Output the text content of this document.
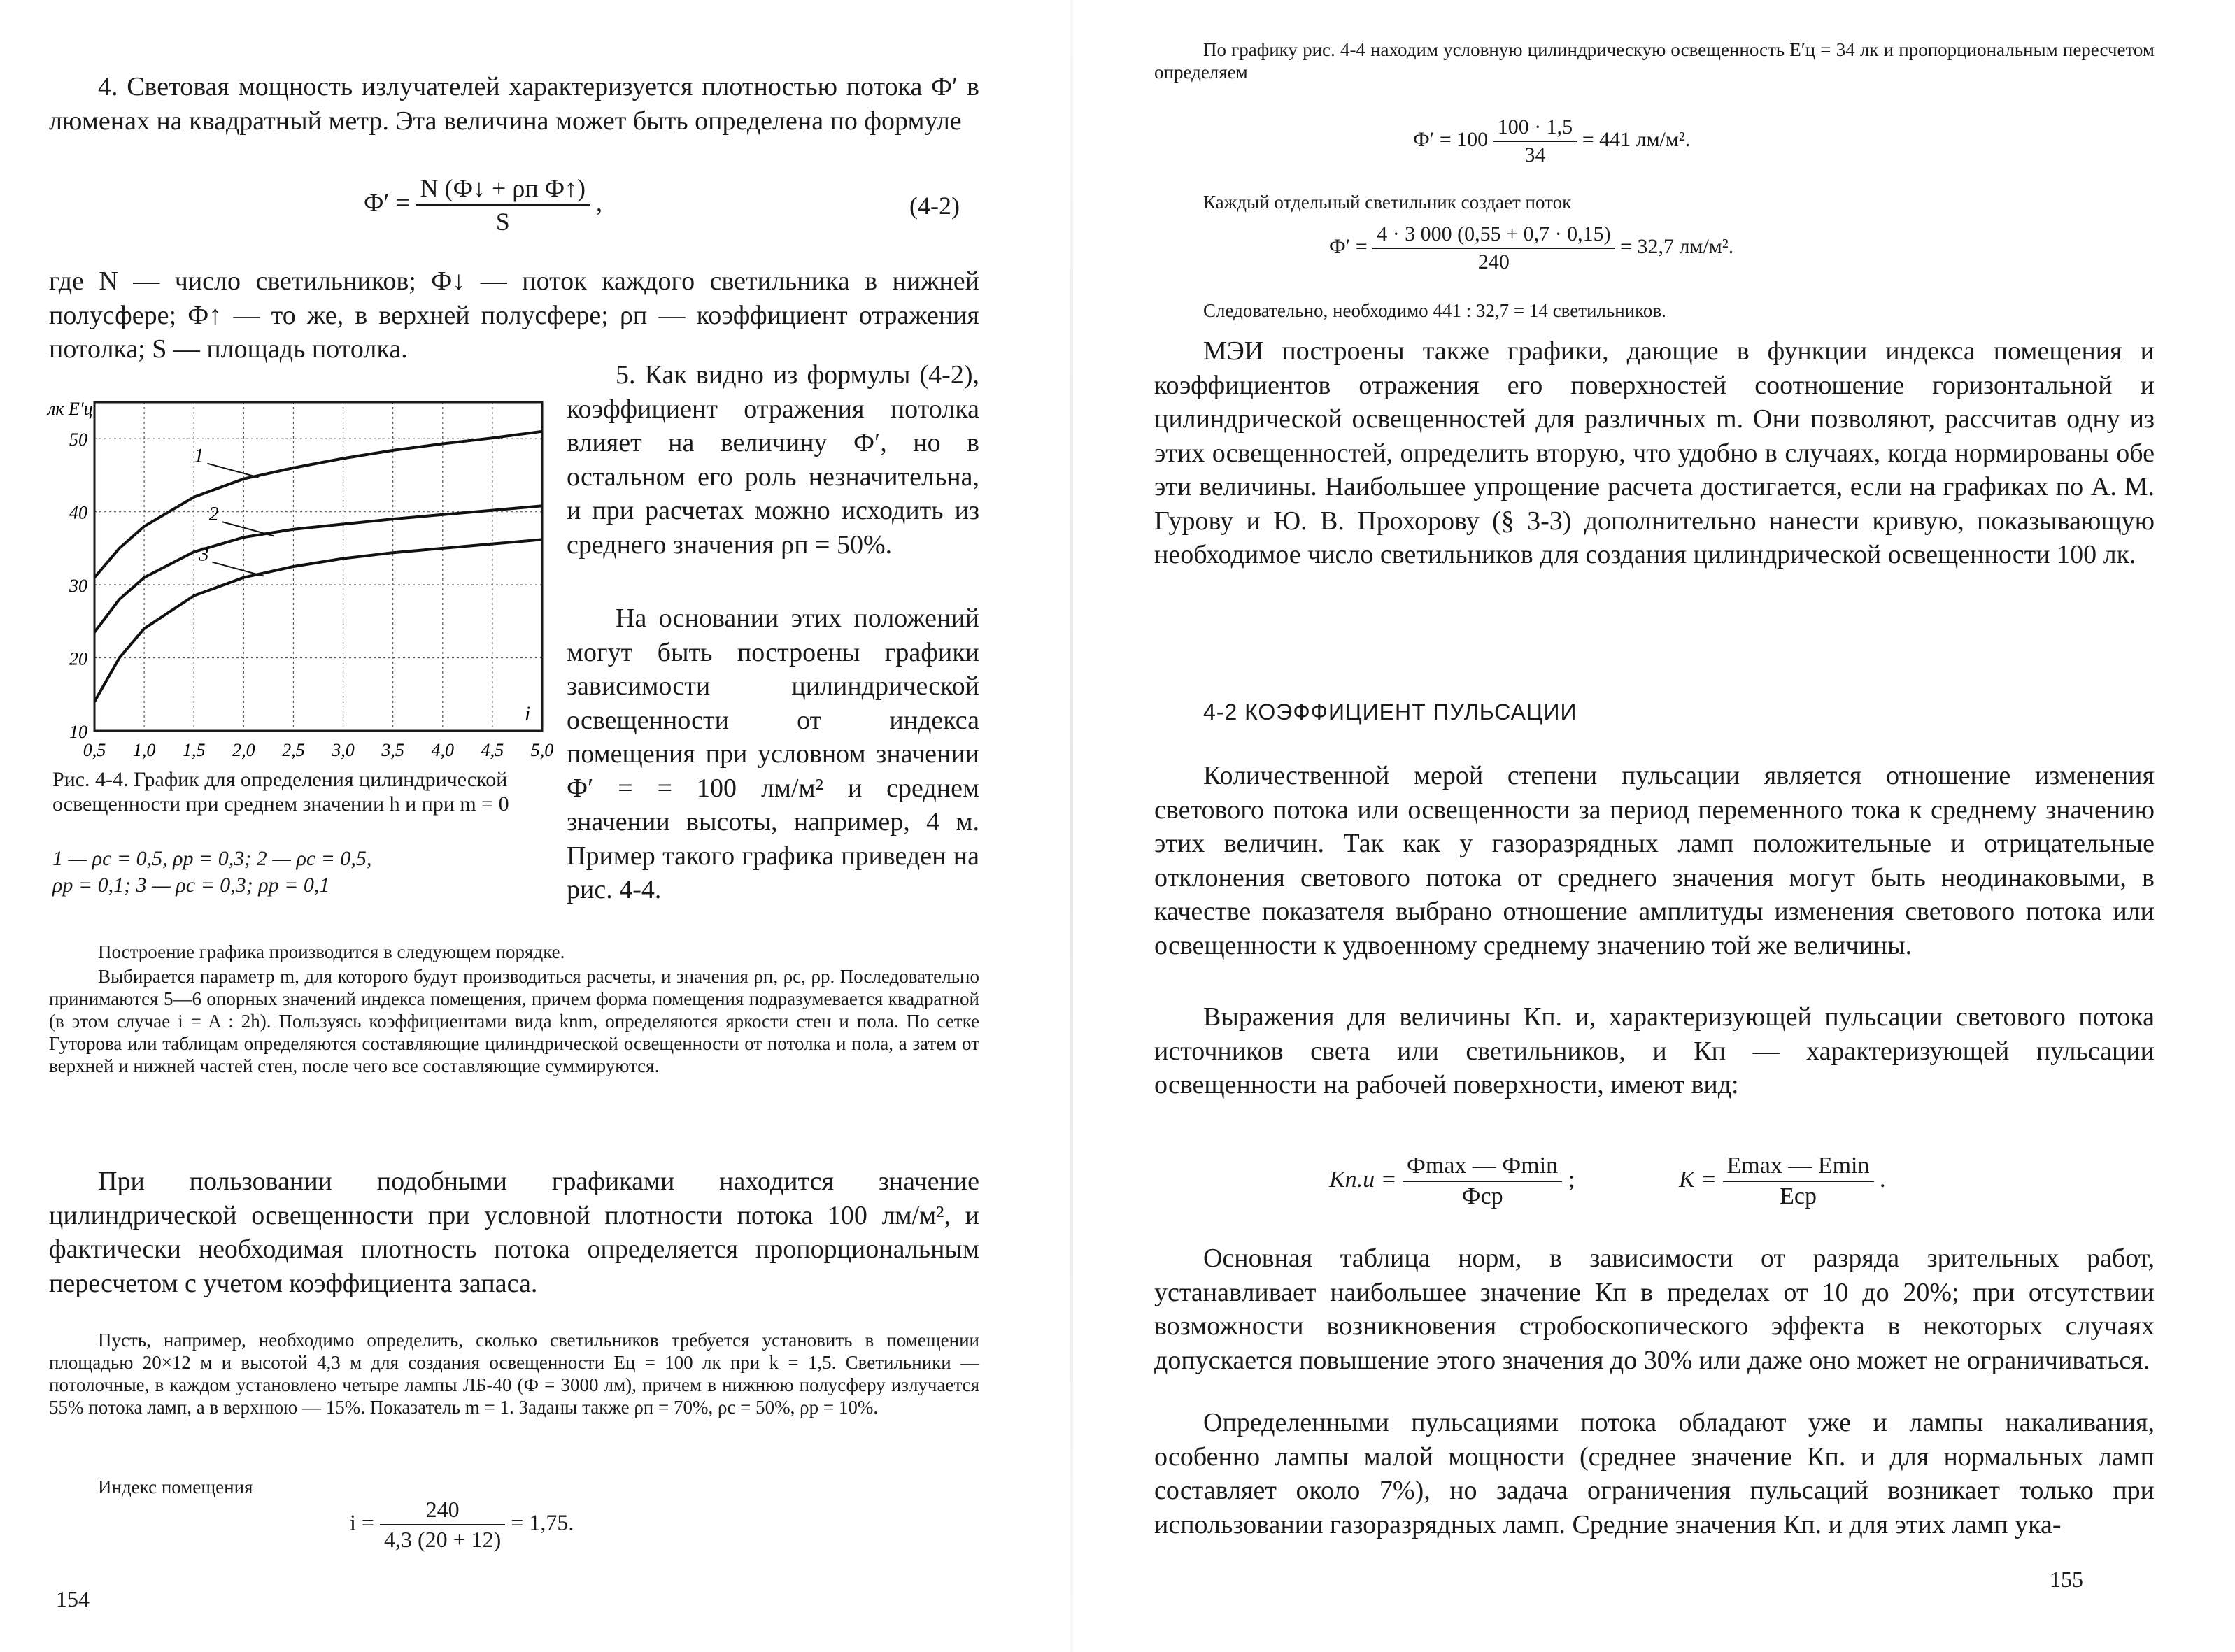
4. Световая мощность излучателей характеризуется плотностью потока Ф′ в люменах на квадратный метр. Эта величина может быть определена по формуле

Ф′ =
N (Ф↓ + ρп Ф↑)
S
,	(4-2)

где N — число светильников; Ф↓ — поток каждого светильника в нижней полусфере; Ф↑ — то же, в верхней полусфере; ρп — коэффициент отражения потолка; S — площадь потолка.

1
2
3
0,5 1,0 1,5 2,0 2,5 3,0 3,5 4,0 4,5 5,0
10
20
30
40
50
лк E′ц
i

5. Как видно из формулы (4-2), коэффициент отражения потолка влияет на величину Ф′, но в остальном его роль незначительна, и при расчетах можно исходить из среднего значения ρп = 50%.

На основании этих положений могут быть построены графики зависимости цилиндрической освещенности от индекса помещения при условном значении Ф′ = = 100 лм/м² и среднем значении высоты, например, 4 м. Пример такого графика приведен на рис. 4-4.

Рис. 4-4. График для определения цилиндрической освещенности при среднем значении h и при m = 0

1 — ρс = 0,5, ρр = 0,3; 2 — ρс = 0,5,

ρр = 0,1; 3 — ρс = 0,3; ρр = 0,1

Построение графика производится в следующем порядке.

Выбирается параметр m, для которого будут производиться расчеты, и значения ρп, ρс, ρр. Последовательно принимаются 5—6 опорных значений индекса помещения, причем форма помещения подразумевается квадратной (в этом случае i = A : 2h). Пользуясь коэффициентами вида knm, определяются яркости стен и пола. По сетке Гуторова или таблицам определяются составляющие цилиндрической освещенности от потолка и пола, а затем от верхней и нижней частей стен, после чего все составляющие суммируются.

При пользовании подобными графиками находится значение цилиндрической освещенности при условной плотности потока 100 лм/м², и фактически необходимая плотность потока определяется пропорциональным пересчетом с учетом коэффициента запаса.

Пусть, например, необходимо определить, сколько светильников требуется установить в помещении площадью 20×12 м и высотой 4,3 м для создания освещенности Ец = 100 лк при k = 1,5. Светильники — потолочные, в каждом установлено четыре лампы ЛБ-40 (Ф = 3000 лм), причем в нижнюю полусферу излучается 55% потока ламп, а в верхнюю — 15%. Показатель m = 1. Заданы также ρп = 70%, ρс = 50%, ρр = 10%.

Индекс помещения

$i = \frac{240}{4,3 (20 + 12)} = 1,75$.
154

По графику рис. 4-4 находим условную цилиндрическую освещенность Е′ц = 34 лк и пропорциональным пересчетом определяем

$Ф' = 100 \frac{100 \cdot 1,5}{34} = 441$ лм/м².

Каждый отдельный светильник создает поток

$Ф' = \frac{4 \cdot 3 000 (0,55 + 0,7 \cdot 0,15)}{240} = 32,7$ лм/м².

Следовательно, необходимо 441 : 32,7 = 14 светильников.

МЭИ построены также графики, дающие в функции индекса помещения и коэффициентов отражения его поверхностей соотношение горизонтальной и цилиндрической освещенностей для различных m. Они позволяют, рассчитав одну из этих освещенностей, определить вторую, что удобно в случаях, когда нормированы обе эти величины. Наибольшее упрощение расчета достигается, если на графиках по А. М. Гурову и Ю. В. Прохорову (§ 3-3) дополнительно нанести кривую, показывающую необходимое число светильников для создания цилиндрической освещенности 100 лк.

4-2 КОЭФФИЦИЕНТ ПУЛЬСАЦИИ

Количественной мерой степени пульсации является отношение изменения светового потока или освещенности за период переменного тока к среднему значению этих величин. Так как у газоразрядных ламп положительные и отрицательные отклонения светового потока от среднего значения могут быть неодинаковыми, в качестве показателя выбрано отношение амплитуды изменения светового потока или освещенности к удвоенному среднему значению той же величины.

Выражения для величины Кп. и, характеризующей пульсации светового потока источников света или светильников, и Кп — характеризующей пульсации освещенности на рабочей поверхности, имеют вид:

Кп.и =
Фmax — Фmin
Фср
;	К =
Emax — Emin
Eср
.

Основная таблица норм, в зависимости от разряда зрительных работ, устанавливает наибольшее значение Кп в пределах от 10 до 20%; при отсутствии возможности возникновения стробоскопического эффекта в некоторых случаях допускается повышение этого значения до 30% или даже оно может не ограничиваться.

Определенными пульсациями потока обладают уже и лампы накаливания, особенно лампы малой мощности (среднее значение Кп. и для нормальных ламп составляет около 7%), но задача ограничения пульсаций возникает только при использовании газоразрядных ламп. Средние значения Кп. и для этих ламп ука-

155
